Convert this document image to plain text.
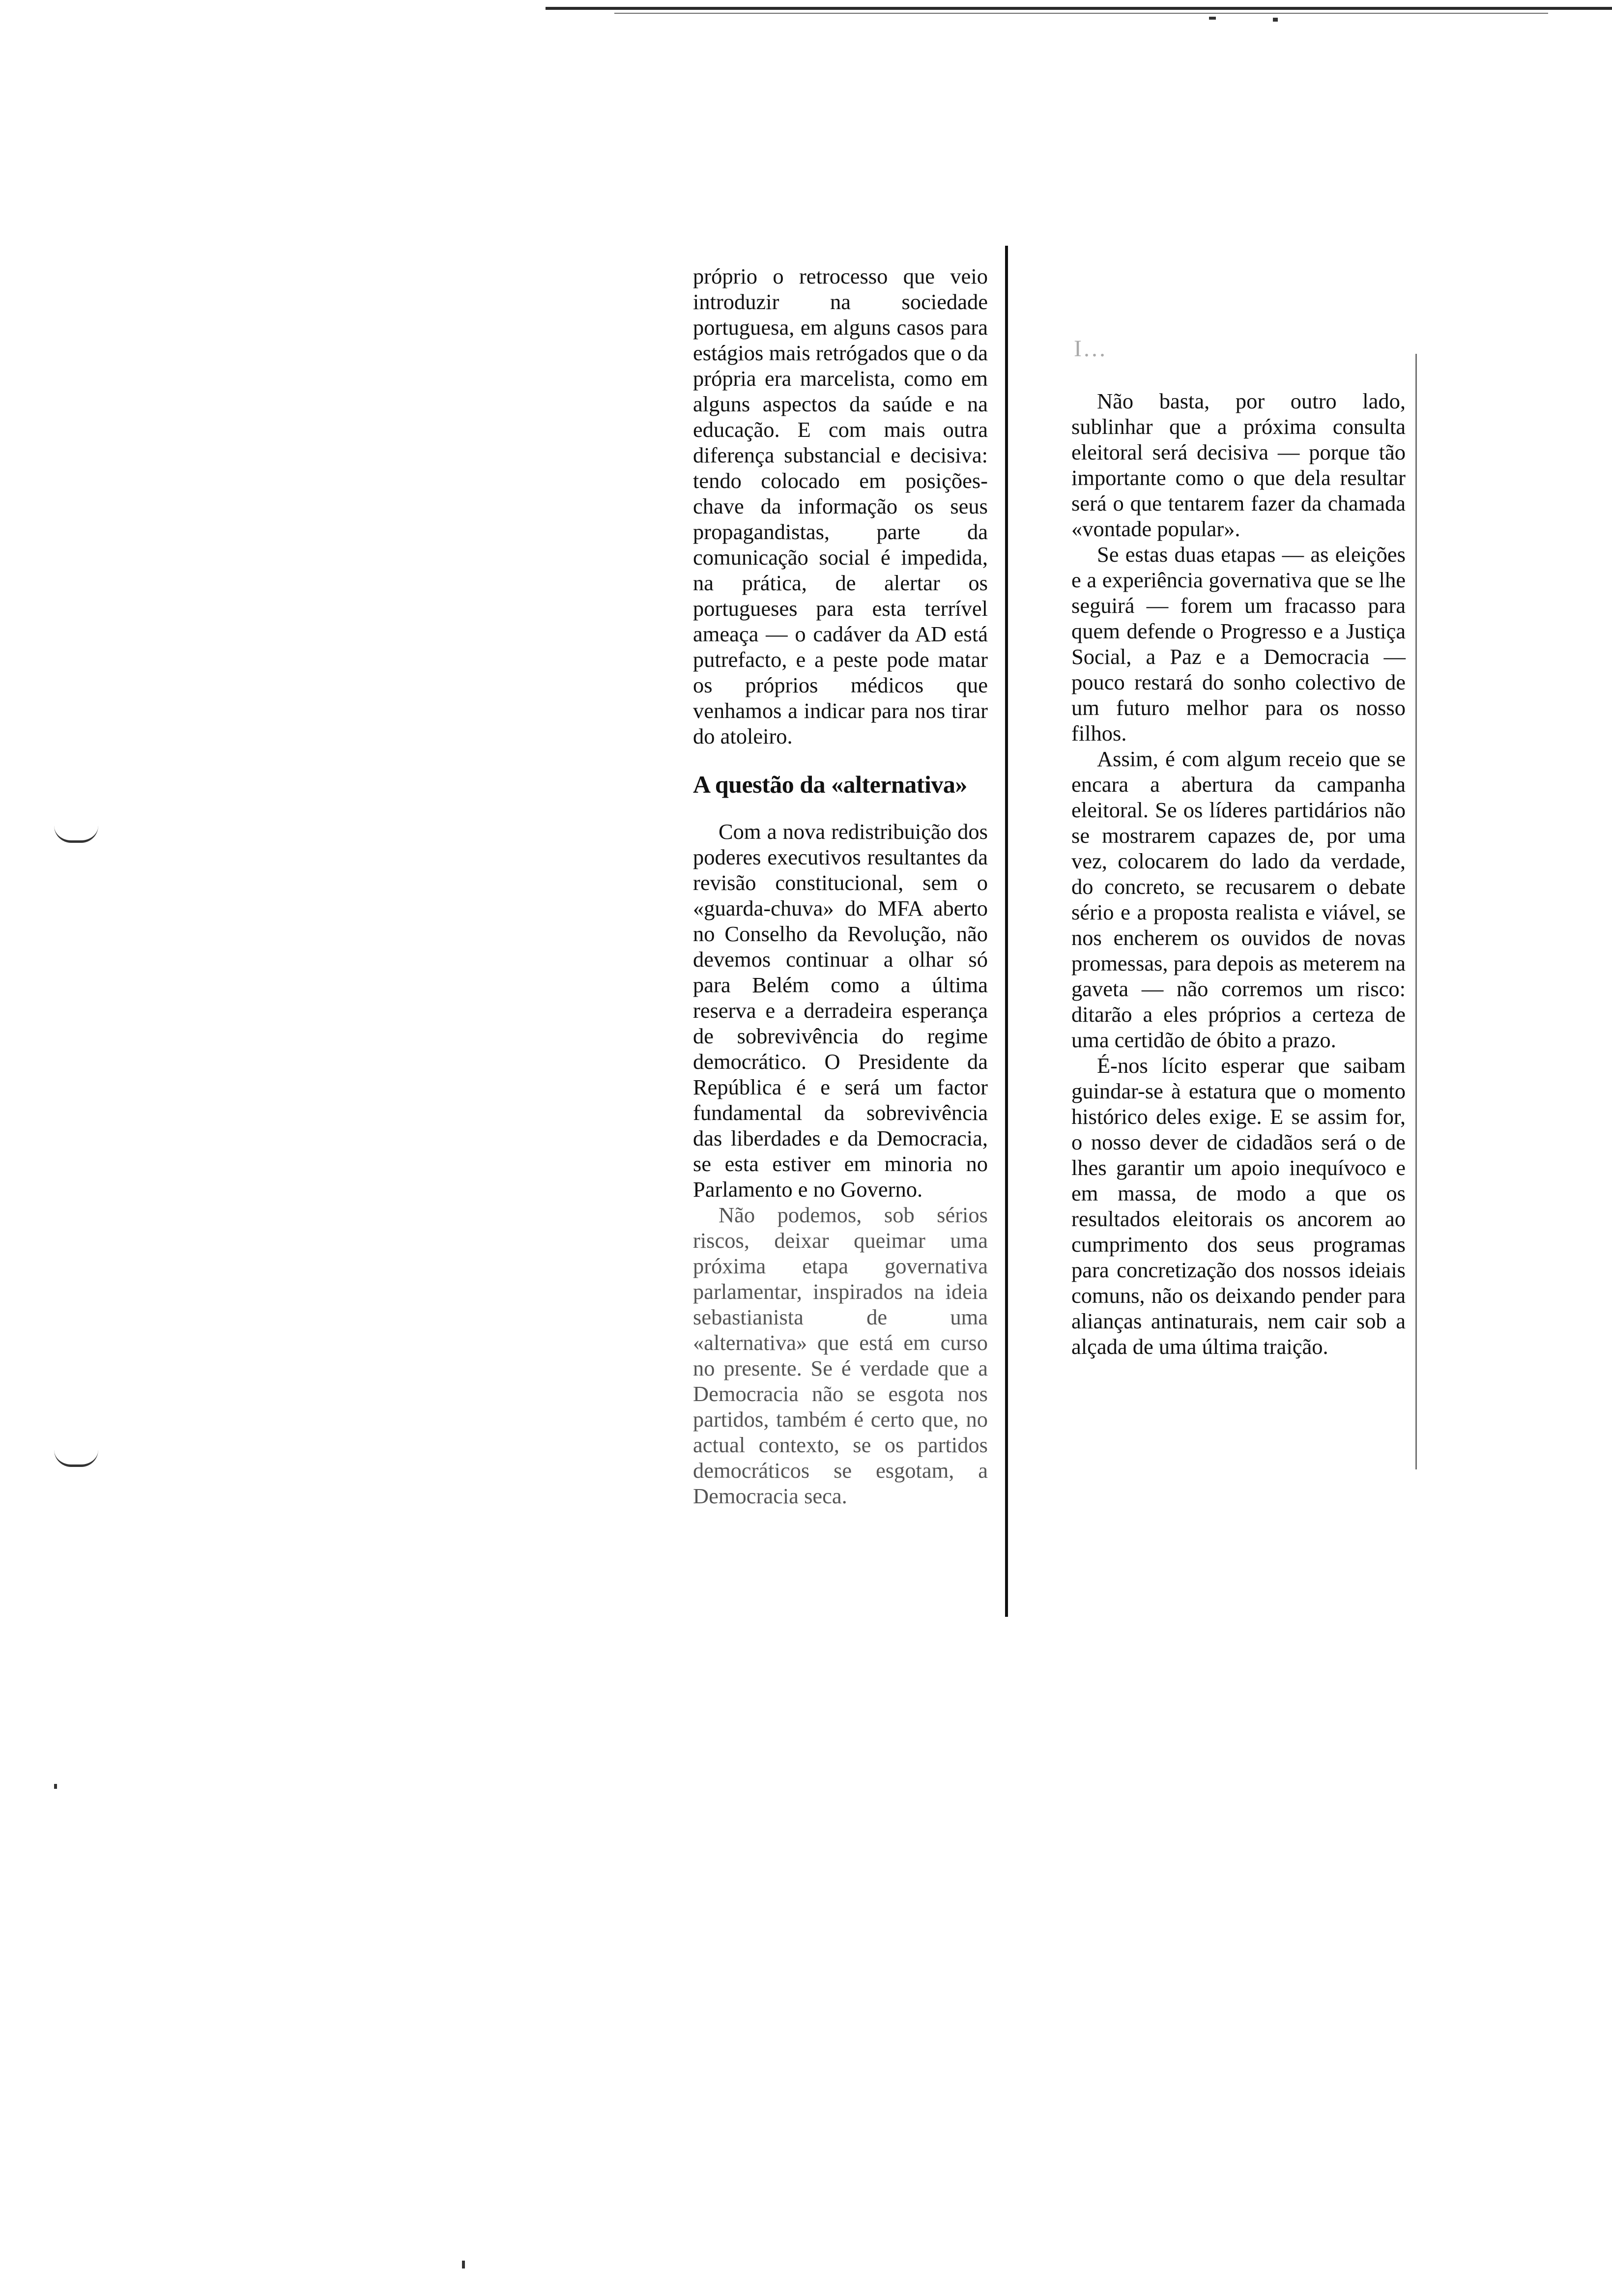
próprio o retrocesso que veio introduzir na sociedade portuguesa, em alguns casos para estágios mais retrógados que o da própria era marcelista, como em alguns aspectos da saúde e na educação. E com mais outra diferença substancial e decisiva: tendo colocado em posições-chave da informação os seus propagandistas, parte da comunicação social é impedida, na prática, de alertar os portugueses para esta terrível ameaça — o cadáver da AD está putrefacto, e a peste pode matar os próprios médicos que venhamos a indicar para nos tirar do atoleiro.

A questão da «alternativa»

Com a nova redistribuição dos poderes executivos resultantes da revisão constitucional, sem o «guarda-chuva» do MFA aberto no Conselho da Revolução, não devemos continuar a olhar só para Belém como a última reserva e a derradeira esperança de sobrevivência do regime democrático. O Presidente da República é e será um factor fundamental da sobrevivência das liberdades e da Democracia, se esta estiver em minoria no Parlamento e no Governo.

Não podemos, sob sérios riscos, deixar queimar uma próxima etapa governativa parlamentar, inspirados na ideia sebastianista de uma «alternativa» que está em curso no presente. Se é verdade que a Democracia não se esgota nos partidos, também é certo que, no actual contexto, se os partidos democráticos se esgotam, a Democracia seca.

I...

Não basta, por outro lado, sublinhar que a próxima consulta eleitoral será decisiva — porque tão importante como o que dela resultar será o que tentarem fazer da chamada «vontade popular».

Se estas duas etapas — as eleições e a experiência governativa que se lhe seguirá — forem um fracasso para quem defende o Progresso e a Justiça Social, a Paz e a Democracia — pouco restará do sonho colectivo de um futuro melhor para os nosso filhos.

Assim, é com algum receio que se encara a abertura da campanha eleitoral. Se os líderes partidários não se mostrarem capazes de, por uma vez, colocarem do lado da verdade, do concreto, se recusarem o debate sério e a proposta realista e viável, se nos encherem os ouvidos de novas promessas, para depois as meterem na gaveta — não corremos um risco: ditarão a eles próprios a certeza de uma certidão de óbito a prazo.

É-nos lícito esperar que saibam guindar-se à estatura que o momento histórico deles exige. E se assim for, o nosso dever de cidadãos será o de lhes garantir um apoio inequívoco e em massa, de modo a que os resultados eleitorais os ancorem ao cumprimento dos seus programas para concretização dos nossos ideiais comuns, não os deixando pender para alianças antinaturais, nem cair sob a alçada de uma última traição.
